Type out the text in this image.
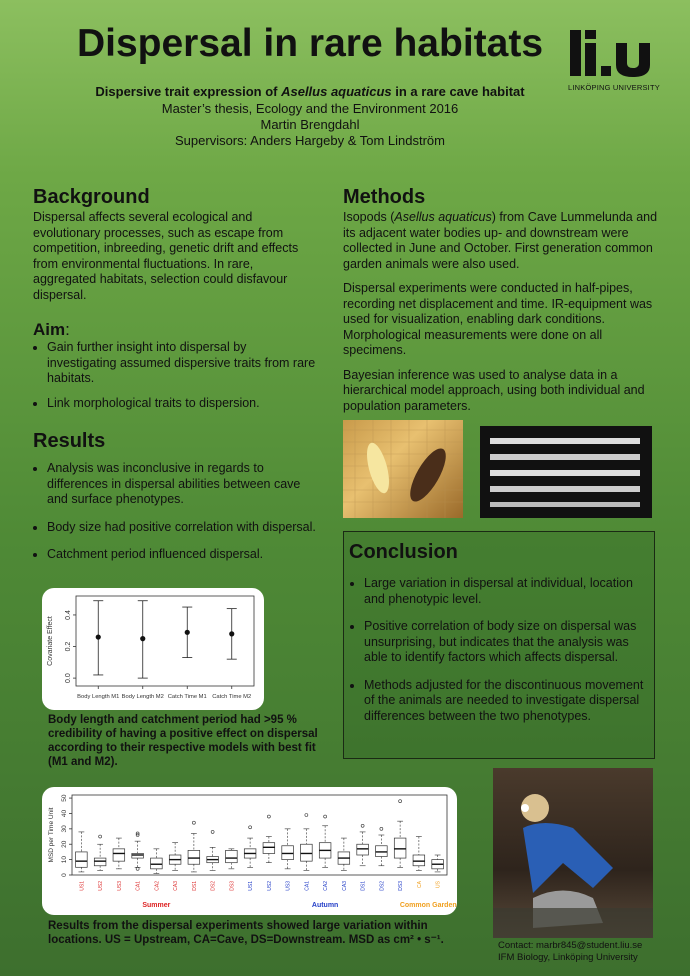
Dispersal in rare habitats
Dispersive trait expression of Asellus aquaticus in a rare cave habitat
Master’s thesis, Ecology and the Environment 2016
Martin Brengdahl
Supervisors: Anders Hargeby & Tom Lindström
LINKÖPING UNIVERSITY
Background
Dispersal affects several ecological and evolutionary processes, such as escape from competition, inbreeding, genetic drift and effects from environmental fluctuations. In rare, aggregated habitats, selection could disfavour dispersal.
Aim:
• Gain further insight into dispersal by investigating assumed dispersive traits from rare habitats.
• Link morphological traits to dispersion.
Methods
Isopods (Asellus aquaticus) from Cave Lummelunda and its adjacent water bodies up- and downstream were collected in June and October. First generation common garden animals were also used.
Dispersal experiments were conducted in half-pipes, recording net displacement and time. IR-equipment was used for visualization, enabling dark conditions. Morphological measurements were done on all specimens.
Bayesian inference was used to analyse data in a hierarchical model approach, using both individual and population parameters.
Results
• Analysis was inconclusive in regards to differences in dispersal abilities between cave and surface phenotypes.
• Body size had positive correlation with dispersal.
• Catchment period influenced dispersal.
0.0
0.2
0.4
Covariate Effect
Body Length M1 Body Length M2 Catch Time M1 Catch Time M2
Body length and catchment period had >95 % credibility of having a positive effect on dispersal according to their respective models with best fit (M1 and M2).
Conclusion
• Large variation in dispersal at individual, location and phenotypic level.
• Positive correlation of body size on dispersal was unsurprising, but indicates that the analysis was able to identify factors which affects dispersal.
• Methods adjusted for the discontinuous movement of the animals are needed to investigate dispersal differences between the two phenotypes.
0
10
20
30
40
50
MSD per Time Unit
US1	US2	US3	CA1	CA2	CA3	DS1	DS2	DS3	US1	US2	US3	CA1	CA2	CA3	DS1	DS2	DS3	CA	US
Summer	Autumn	Common Garden
Results from the dispersal experiments showed large variation within locations. US = Upstream, CA=Cave, DS=Downstream. MSD as cm² • s⁻¹.	Contact: marbr845@student.liu.se
IFM Biology, Linköping University
